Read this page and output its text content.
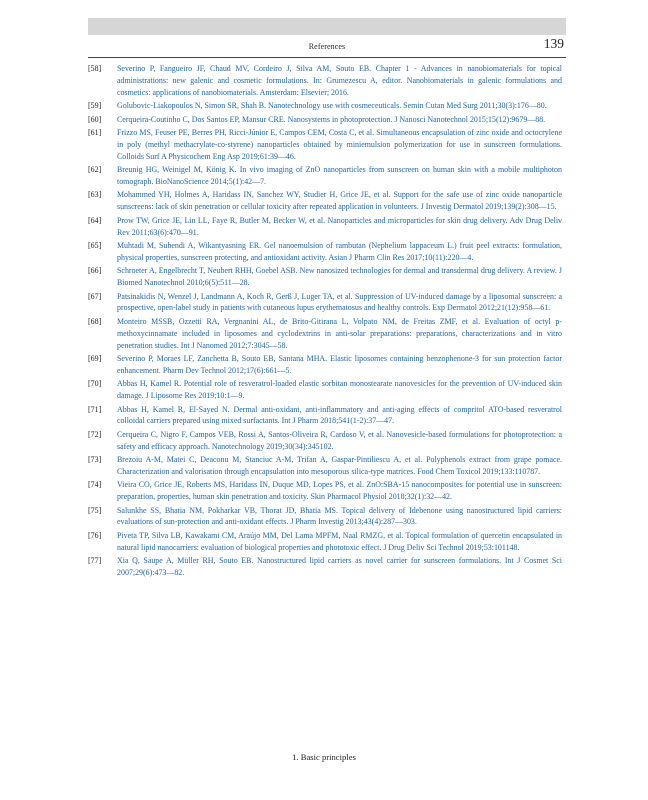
References	139
[58] Severino P, Fangueiro JF, Chaud MV, Cordeiro J, Silva AM, Souto EB. Chapter 1 - Advances in nanobiomaterials for topical administrations: new galenic and cosmetic formulations. In: Grumezescu A, editor. Nanobiomaterials in galenic formulations and cosmetics: applications of nanobiomaterials. Amsterdam: Elsevier; 2016.
[59] Golubovic-Liakopoulos N, Simon SR, Shah B. Nanotechnology use with cosmeceuticals. Semin Cutan Med Surg 2011;30(3):176—80.
[60] Cerqueira-Coutinho C, Dos Santos EP, Mansur CRE. Nanosystems in photoprotection. J Nanosci Nanotechnol 2015;15(12):9679—88.
[61] Frizzo MS, Feuser PE, Berres PH, Ricci-Júnior E, Campos CEM, Costa C, et al. Simultaneous encapsulation of zinc oxide and octocrylene in poly (methyl methacrylate-co-styrene) nanoparticles obtained by miniemulsion polymerization for use in sunscreen formulations. Colloids Surf A Physicochem Eng Asp 2019;61:39—46.
[62] Breunig HG, Weinigel M, König K. In vivo imaging of ZnO nanoparticles from sunscreen on human skin with a mobile multiphoton tomograph. BioNanoScience 2014;5(1):42—7.
[63] Mohammed YH, Holmes A, Haridass IN, Sanchez WY, Studier H, Grice JE, et al. Support for the safe use of zinc oxide nanoparticle sunscreens: lack of skin penetration or cellular toxicity after repeated application in volunteers. J Investig Dermatol 2019;139(2):308—15.
[64] Prow TW, Grice JE, Lin LL, Faye R, Butler M, Becker W, et al. Nanoparticles and microparticles for skin drug delivery. Adv Drug Deliv Rev 2011;63(6):470—91.
[65] Muhtadi M, Suhendi A, Wikantyasning ER. Gel nanoemulsion of rambutan (Nephelium lappaceum L.) fruit peel extracts: formulation, physical properties, sunscreen protecting, and antioxidant activity. Asian J Pharm Clin Res 2017;10(11):220—4.
[66] Schroeter A, Engelbrecht T, Neubert RHH, Goebel ASB. New nanosized technologies for dermal and transdermal drug delivery. A review. J Biomed Nanotechnol 2010;6(5):511—28.
[67] Patsinakidis N, Wenzel J, Landmann A, Koch R, Gerß J, Luger TA, et al. Suppression of UV-induced damage by a liposomal sunscreen: a prospective, open-label study in patients with cutaneous lupus erythematosus and healthy controls. Exp Dermatol 2012;21(12):958—61.
[68] Monteiro MSSB, Ozzetti RA, Vergnanini AL, de Brito-Gitirana L, Volpato NM, de Freitas ZMF, et al. Evaluation of octyl p-methoxycinnamate included in liposomes and cyclodextrins in anti-solar preparations: preparations, characterizations and in vitro penetration studies. Int J Nanomed 2012;7:3045—58.
[69] Severino P, Moraes LF, Zanchetta B, Souto EB, Santana MHA. Elastic liposomes containing benzophenone-3 for sun protection factor enhancement. Pharm Dev Technol 2012;17(6):661—5.
[70] Abbas H, Kamel R. Potential role of resveratrol-loaded elastic sorbitan monostearate nanovesicles for the prevention of UV-induced skin damage. J Liposome Res 2019;10:1—9.
[71] Abbas H, Kamel R, El-Sayed N. Dermal anti-oxidant, anti-inflammatory and anti-aging effects of compritol ATO-based resveratrol colloidal carriers prepared using mixed surfactants. Int J Pharm 2018;541(1-2):37—47.
[72] Cerqueira C, Nigro F, Campos VEB, Rossi A, Santos-Oliveira R, Cardoso V, et al. Nanovesicle-based formulations for photoprotection: a safety and efficacy approach. Nanotechnology 2019;30(34):345102.
[73] Brezoiu A-M, Matei C, Deaconu M, Stanciuc A-M, Trifan A, Gaspar-Pintiliescu A, et al. Polyphenols extract from grape pomace. Characterization and valorisation through encapsulation into mesoporous silica-type matrices. Food Chem Toxicol 2019;133:110787.
[74] Vieira CO, Grice JE, Roberts MS, Haridass IN, Duque MD, Lopes PS, et al. ZnO:SBA-15 nanocomposites for potential use in sunscreen: preparation, properties, human skin penetration and toxicity. Skin Pharmacol Physiol 2018;32(1):32—42.
[75] Salunkhe SS, Bhatia NM, Pokharkar VB, Thorat JD, Bhatia MS. Topical delivery of Idebenone using nanostructured lipid carriers: evaluations of sun-protection and anti-oxidant effects. J Pharm Investig 2013;43(4):287—303.
[76] Piveta TP, Silva LB, Kawakami CM, Araújo MM, Del Lama MPFM, Naal RMZG, et al. Topical formulation of quercetin encapsulated in natural lipid nanocarriers: evaluation of biological properties and phototoxic effect. J Drug Deliv Sci Technol 2019;53:101148.
[77] Xia Q, Saupe A, Müller RH, Souto EB. Nanostructured lipid carriers as novel carrier for sunscreen formulations. Int J Cosmet Sci 2007;29(6):473—82.
1. Basic principles
